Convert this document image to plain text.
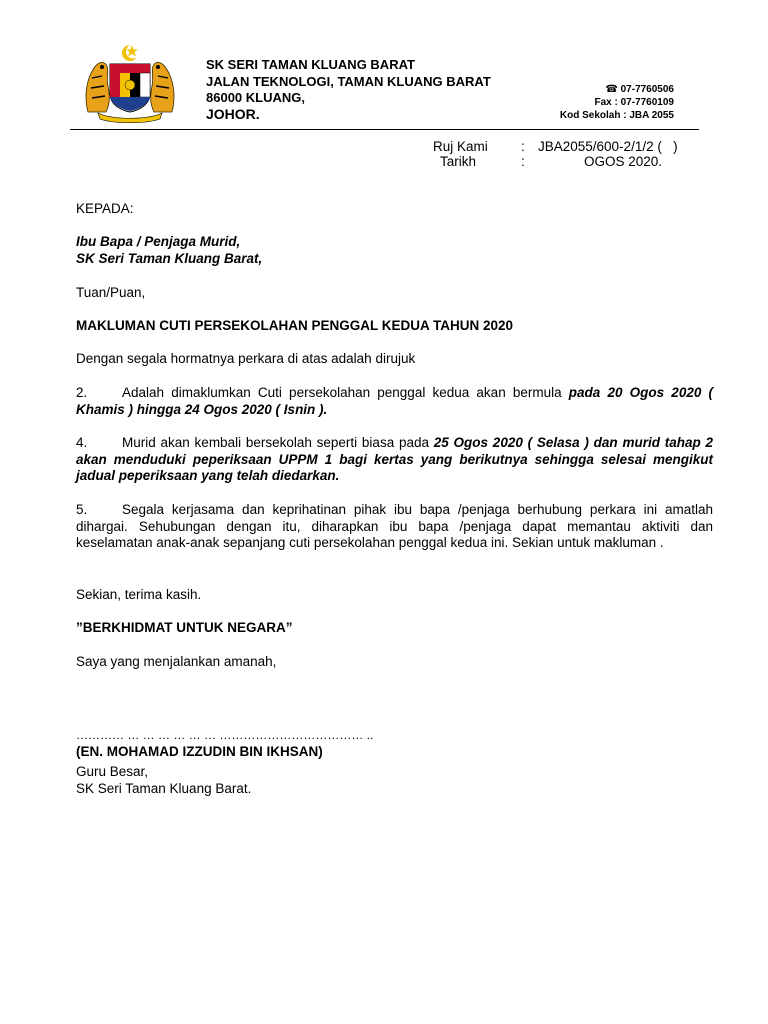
SK SERI TAMAN KLUANG BARAT
JALAN TEKNOLOGI, TAMAN KLUANG BARAT
86000 KLUANG,
JOHOR.
☎ 07-7760506
Fax : 07-7760109
Kod Sekolah : JBA 2055
Ruj Kami : JBA2055/600-2/1/2 (   )
Tarikh	:	OGOS 2020.
KEPADA:
Ibu Bapa / Penjaga Murid,
SK Seri Taman Kluang Barat,
Tuan/Puan,
MAKLUMAN CUTI PERSEKOLAHAN PENGGAL KEDUA TAHUN 2020
Dengan segala hormatnya perkara di atas adalah dirujuk
2.	Adalah dimaklumkan Cuti persekolahan penggal kedua akan bermula pada 20 Ogos 2020 ( Khamis ) hingga 24 Ogos 2020 ( Isnin ).
4.	Murid akan kembali bersekolah seperti biasa pada 25 Ogos 2020 ( Selasa ) dan murid tahap 2 akan menduduki peperiksaan UPPM 1 bagi kertas yang berikutnya sehingga selesai mengikut jadual peperiksaan yang telah diedarkan.
5.	Segala kerjasama dan keprihatinan pihak ibu bapa /penjaga berhubung perkara ini amatlah dihargai. Sehubungan dengan itu, diharapkan ibu bapa /penjaga dapat memantau aktiviti dan keselamatan anak-anak sepanjang cuti persekolahan penggal kedua ini. Sekian untuk makluman .
Sekian, terima kasih.
”BERKHIDMAT UNTUK NEGARA”
Saya yang menjalankan amanah,
………… … … … … … … ……………………………… ..
(EN. MOHAMAD IZZUDIN BIN IKHSAN)
Guru Besar,
SK Seri Taman Kluang Barat.
